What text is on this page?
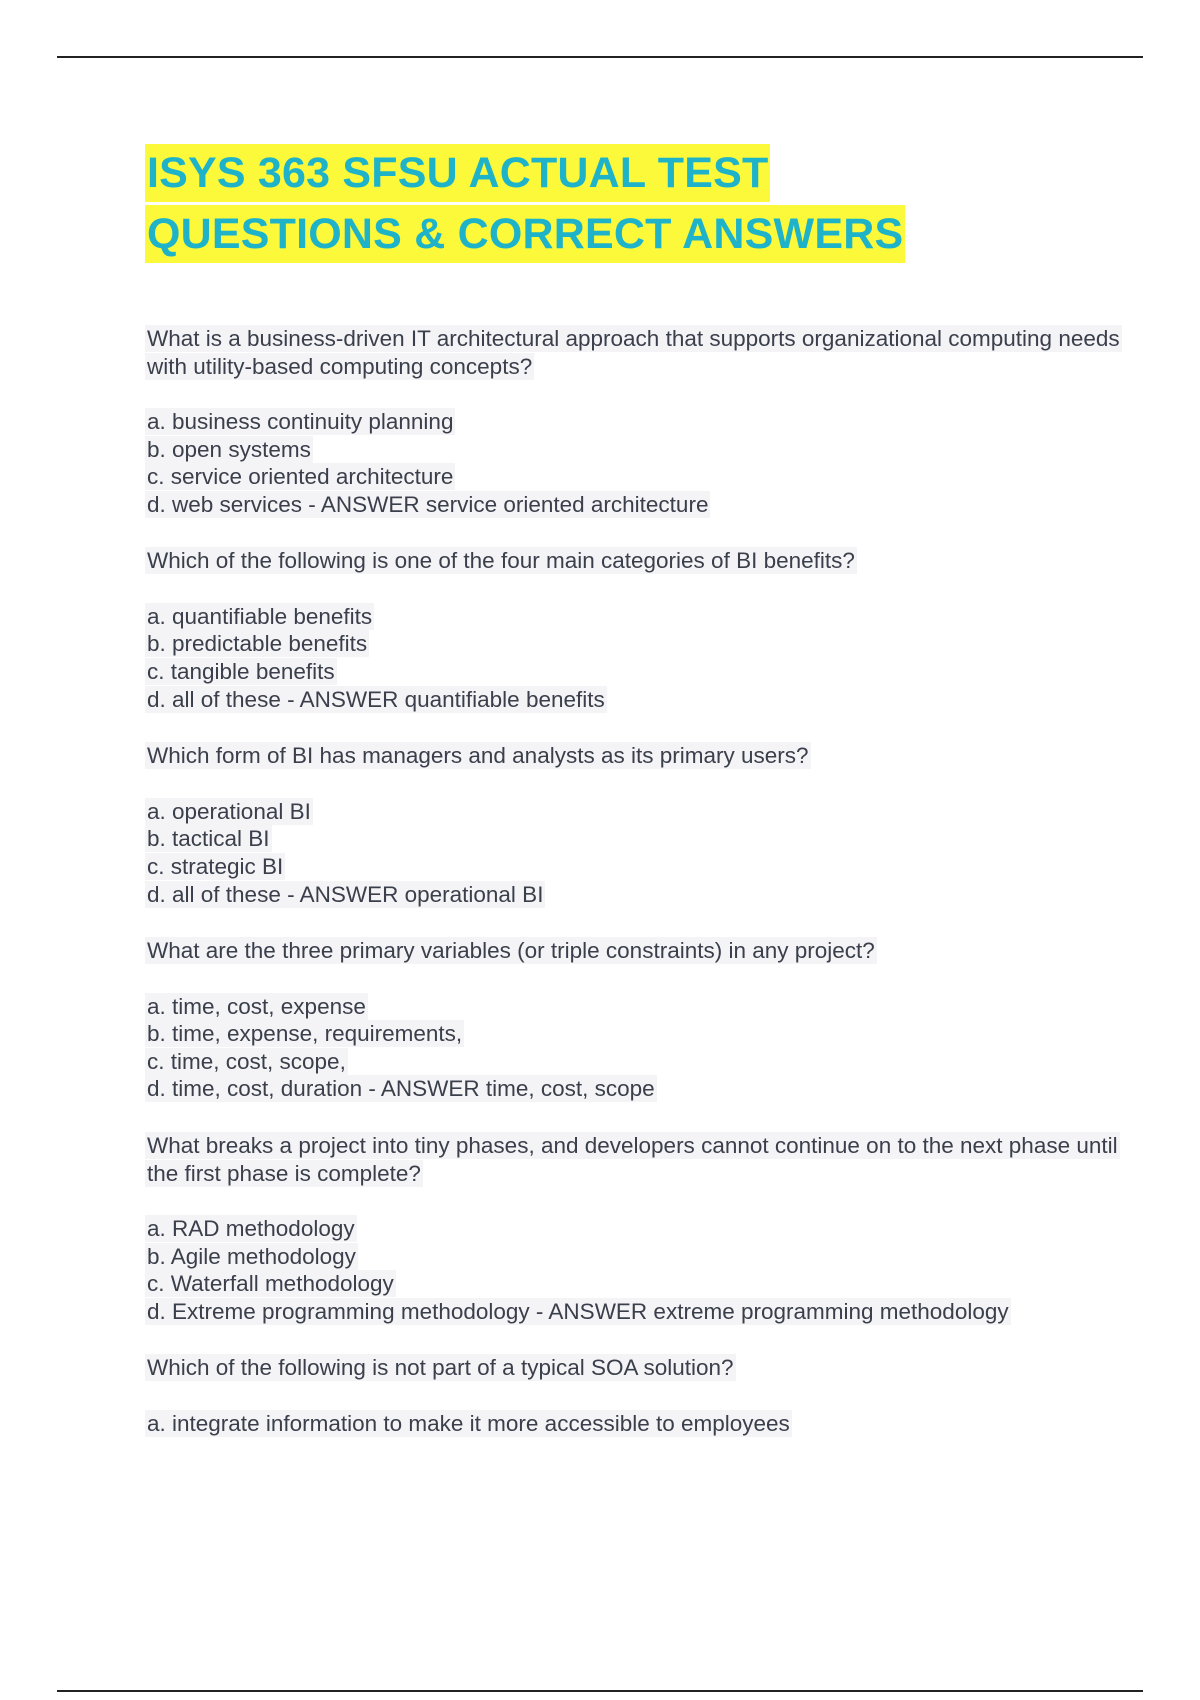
ISYS 363 SFSU ACTUAL TEST
QUESTIONS & CORRECT ANSWERS

What is a business-driven IT architectural approach that supports organizational computing needs with utility-based computing concepts?

a. business continuity planning
b. open systems
c. service oriented architecture
d. web services - ANSWER service oriented architecture

Which of the following is one of the four main categories of BI benefits?

a. quantifiable benefits
b. predictable benefits
c. tangible benefits
d. all of these - ANSWER quantifiable benefits

Which form of BI has managers and analysts as its primary users?

a. operational BI
b. tactical BI
c. strategic BI
d. all of these - ANSWER operational BI

What are the three primary variables (or triple constraints) in any project?

a. time, cost, expense
b. time, expense, requirements,
c. time, cost, scope,
d. time, cost, duration - ANSWER time, cost, scope

What breaks a project into tiny phases, and developers cannot continue on to the next phase until the first phase is complete?

a. RAD methodology
b. Agile methodology
c. Waterfall methodology
d. Extreme programming methodology - ANSWER extreme programming methodology

Which of the following is not part of a typical SOA solution?

a. integrate information to make it more accessible to employees
